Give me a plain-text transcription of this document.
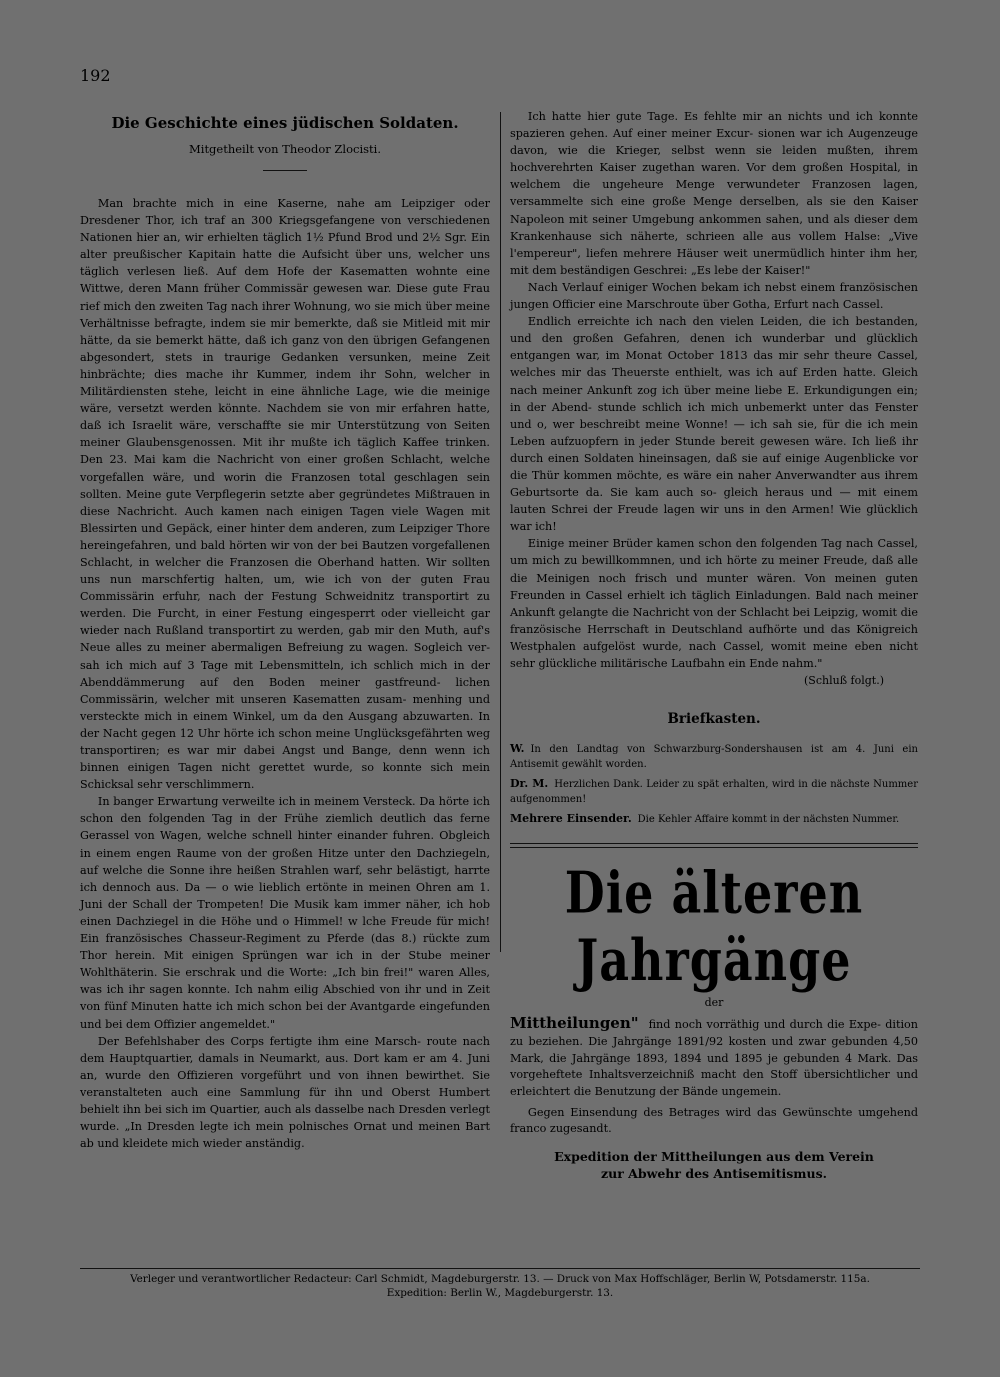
192
Die Geschichte eines jüdischen Soldaten.
Mitgetheilt von Theodor Zlocisti.

Man brachte mich in eine Kaserne, nahe am Leipziger oder Dresdener Thor, ich traf an 300 Kriegsgefangene von verschiedenen Nationen hier an, wir erhielten täglich 1½ Pfund Brod und 2½ Sgr. Ein alter preußischer Kapitain hatte die Aufsicht über uns, welcher uns täglich verlesen ließ. Auf dem Hofe der Kasematten wohnte eine Wittwe, deren Mann früher Commissär gewesen war. Diese gute Frau rief mich den zweiten Tag nach ihrer Wohnung, wo sie mich über meine Verhältnisse befragte, indem sie mir bemerkte, daß sie Mitleid mit mir hätte, da sie bemerkt hätte, daß ich ganz von den übrigen Gefangenen abgesondert, stets in traurige Gedanken versunken, meine Zeit hinbrächte; dies mache ihr Kummer, indem ihr Sohn, welcher in Militärdiensten stehe, leicht in eine ähnliche Lage, wie die meinige wäre, versetzt werden könnte. Nachdem sie von mir erfahren hatte, daß ich Israelit wäre, verschaffte sie mir Unterstützung von Seiten meiner Glaubensgenossen. Mit ihr mußte ich täglich Kaffee trinken. Den 23. Mai kam die Nachricht von einer großen Schlacht, welche vorgefallen wäre, und worin die Franzosen total geschlagen sein sollten. Meine gute Verpflegerin setzte aber gegründetes Mißtrauen in diese Nachricht. Auch kamen nach einigen Tagen viele Wagen mit Blessirten und Gepäck, einer hinter dem anderen, zum Leipziger Thore hereingefahren, und bald hörten wir von der bei Bautzen vorgefallenen Schlacht, in welcher die Franzosen die Oberhand hatten. Wir sollten uns nun marschfertig halten, um, wie ich von der guten Frau Commissärin erfuhr, nach der Festung Schweidnitz transportirt zu werden. Die Furcht, in einer Festung eingesperrt oder vielleicht gar wieder nach Rußland transportirt zu werden, gab mir den Muth, auf's Neue alles zu meiner abermaligen Befreiung zu wagen. Sogleich ver- sah ich mich auf 3 Tage mit Lebensmitteln, ich schlich mich in der Abenddämmerung auf den Boden meiner gastfreund- lichen Commissärin, welcher mit unseren Kasematten zusam- menhing und versteckte mich in einem Winkel, um da den Ausgang abzuwarten. In der Nacht gegen 12 Uhr hörte ich schon meine Unglücksgefährten weg transportiren; es war mir dabei Angst und Bange, denn wenn ich binnen einigen Tagen nicht gerettet wurde, so konnte sich mein Schicksal sehr verschlimmern.

In banger Erwartung verweilte ich in meinem Versteck. Da hörte ich schon den folgenden Tag in der Frühe ziemlich deutlich das ferne Gerassel von Wagen, welche schnell hinter einander fuhren. Obgleich in einem engen Raume von der großen Hitze unter den Dachziegeln, auf welche die Sonne ihre heißen Strahlen warf, sehr belästigt, harrte ich dennoch aus. Da — o wie lieblich ertönte in meinen Ohren am 1. Juni der Schall der Trompeten! Die Musik kam immer näher, ich hob einen Dachziegel in die Höhe und o Himmel! w lche Freude für mich! Ein französisches Chasseur-Regiment zu Pferde (das 8.) rückte zum Thor herein. Mit einigen Sprüngen war ich in der Stube meiner Wohlthäterin. Sie erschrak und die Worte: „Ich bin frei!" waren Alles, was ich ihr sagen konnte. Ich nahm eilig Abschied von ihr und in Zeit von fünf Minuten hatte ich mich schon bei der Avantgarde eingefunden und bei dem Offizier angemeldet."

Der Befehlshaber des Corps fertigte ihm eine Marsch- route nach dem Hauptquartier, damals in Neumarkt, aus. Dort kam er am 4. Juni an, wurde den Offizieren vorgeführt und von ihnen bewirthet. Sie veranstalteten auch eine Sammlung für ihn und Oberst Humbert behielt ihn bei sich im Quartier, auch als dasselbe nach Dresden verlegt wurde. „In Dresden legte ich mein polnisches Ornat und meinen Bart ab und kleidete mich wieder anständig.

Ich hatte hier gute Tage. Es fehlte mir an nichts und ich konnte spazieren gehen. Auf einer meiner Excur- sionen war ich Augenzeuge davon, wie die Krieger, selbst wenn sie leiden mußten, ihrem hochverehrten Kaiser zugethan waren. Vor dem großen Hospital, in welchem die ungeheure Menge verwundeter Franzosen lagen, versammelte sich eine große Menge derselben, als sie den Kaiser Napoleon mit seiner Umgebung ankommen sahen, und als dieser dem Krankenhause sich näherte, schrieen alle aus vollem Halse: „Vive l'empereur", liefen mehrere Häuser weit unermüdlich hinter ihm her, mit dem beständigen Geschrei: „Es lebe der Kaiser!"

Nach Verlauf einiger Wochen bekam ich nebst einem französischen jungen Officier eine Marschroute über Gotha, Erfurt nach Cassel.

Endlich erreichte ich nach den vielen Leiden, die ich bestanden, und den großen Gefahren, denen ich wunderbar und glücklich entgangen war, im Monat October 1813 das mir sehr theure Cassel, welches mir das Theuerste enthielt, was ich auf Erden hatte. Gleich nach meiner Ankunft zog ich über meine liebe E. Erkundigungen ein; in der Abend- stunde schlich ich mich unbemerkt unter das Fenster und o, wer beschreibt meine Wonne! — ich sah sie, für die ich mein Leben aufzuopfern in jeder Stunde bereit gewesen wäre. Ich ließ ihr durch einen Soldaten hineinsagen, daß sie auf einige Augenblicke vor die Thür kommen möchte, es wäre ein naher Anverwandter aus ihrem Geburtsorte da. Sie kam auch so- gleich heraus und — mit einem lauten Schrei der Freude lagen wir uns in den Armen! Wie glücklich war ich!

Einige meiner Brüder kamen schon den folgenden Tag nach Cassel, um mich zu bewillkommnen, und ich hörte zu meiner Freude, daß alle die Meinigen noch frisch und munter wären. Von meinen guten Freunden in Cassel erhielt ich täglich Einladungen. Bald nach meiner Ankunft gelangte die Nachricht von der Schlacht bei Leipzig, womit die französische Herrschaft in Deutschland aufhörte und das Königreich Westphalen aufgelöst wurde, nach Cassel, womit meine eben nicht sehr glückliche militärische Laufbahn ein Ende nahm."

(Schluß folgt.)
Briefkasten.

W. In den Landtag von Schwarzburg-Sondershausen ist am 4. Juni ein Antisemit gewählt worden.

Dr. M. Herzlichen Dank. Leider zu spät erhalten, wird in die nächste Nummer aufgenommen!

Mehrere Einsender. Die Kehler Affaire kommt in der nächsten Nummer.

Die älteren Jahrgänge
der

Mittheilungen" find noch vorräthig und durch die Expe- dition zu beziehen. Die Jahrgänge 1891/92 kosten und zwar gebunden 4,50 Mark, die Jahrgänge 1893, 1894 und 1895 je gebunden 4 Mark. Das vorgeheftete Inhaltsverzeichniß macht den Stoff übersichtlicher und erleichtert die Benutzung der Bände ungemein.

Gegen Einsendung des Betrages wird das Gewünschte umgehend franco zugesandt.

Expedition der Mittheilungen aus dem Verein
zur Abwehr des Antisemitismus.
Verleger und verantwortlicher Redacteur: Carl Schmidt, Magdeburgerstr. 13. — Druck von Max Hoffschläger, Berlin W, Potsdamerstr. 115a.
Expedition: Berlin W., Magdeburgerstr. 13.
